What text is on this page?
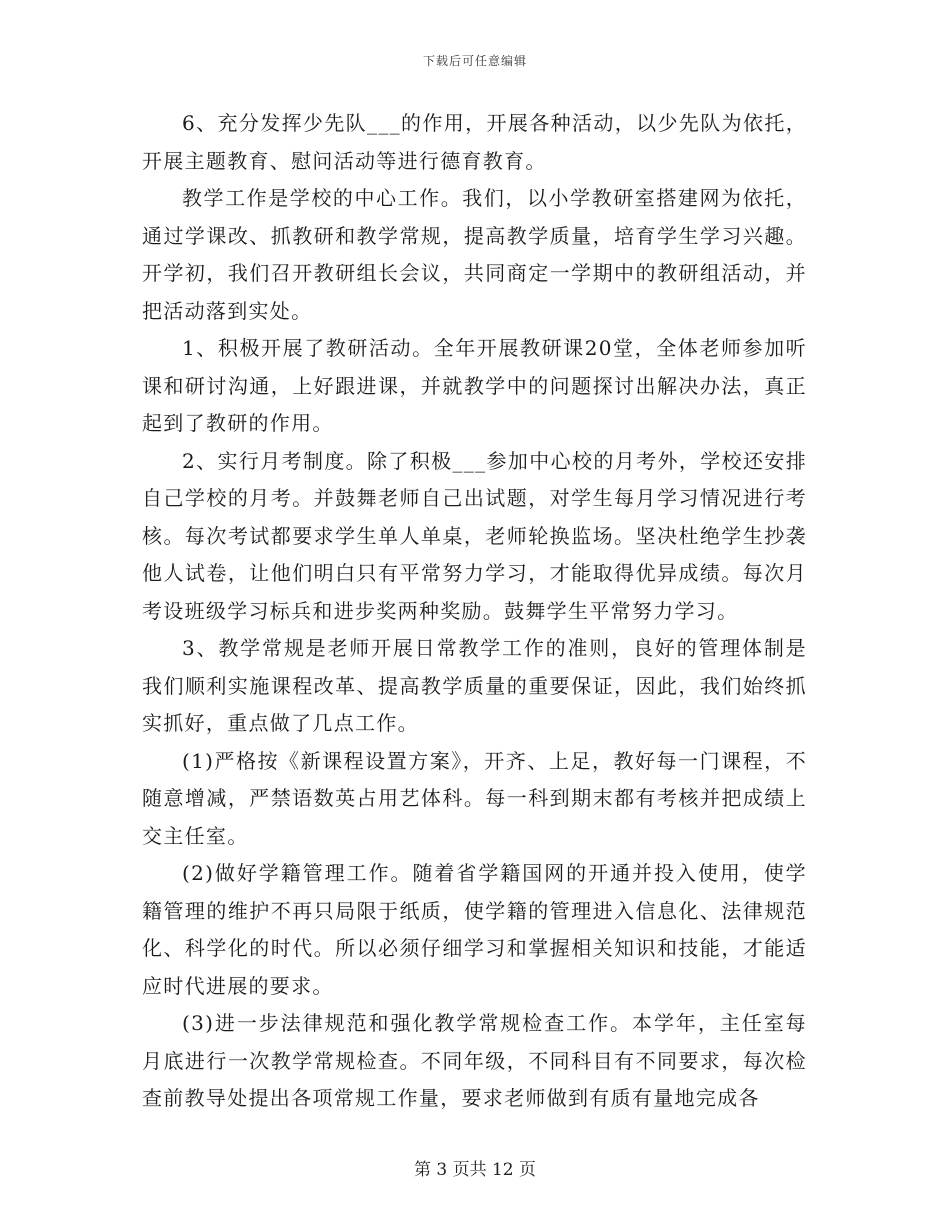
下载后可任意编辑

6、充分发挥少先队___的作用，开展各种活动，以少先队为依托，开展主题教育、慰问活动等进行德育教育。

教学工作是学校的中心工作。我们，以小学教研室搭建网为依托，通过学课改、抓教研和教学常规，提高教学质量，培育学生学习兴趣。开学初，我们召开教研组长会议，共同商定一学期中的教研组活动，并把活动落到实处。

1、积极开展了教研活动。全年开展教研课20堂，全体老师参加听课和研讨沟通，上好跟进课，并就教学中的问题探讨出解决办法，真正起到了教研的作用。

2、实行月考制度。除了积极___参加中心校的月考外，学校还安排自己学校的月考。并鼓舞老师自己出试题，对学生每月学习情况进行考核。每次考试都要求学生单人单桌，老师轮换监场。坚决杜绝学生抄袭他人试卷，让他们明白只有平常努力学习，才能取得优异成绩。每次月考设班级学习标兵和进步奖两种奖励。鼓舞学生平常努力学习。

3、教学常规是老师开展日常教学工作的准则，良好的管理体制是我们顺利实施课程改革、提高教学质量的重要保证，因此，我们始终抓实抓好，重点做了几点工作。

(1)严格按《新课程设置方案》，开齐、上足，教好每一门课程，不随意增减，严禁语数英占用艺体科。每一科到期末都有考核并把成绩上交主任室。

(2)做好学籍管理工作。随着省学籍国网的开通并投入使用，使学籍管理的维护不再只局限于纸质，使学籍的管理进入信息化、法律规范化、科学化的时代。所以必须仔细学习和掌握相关知识和技能，才能适应时代进展的要求。

(3)进一步法律规范和强化教学常规检查工作。本学年，主任室每月底进行一次教学常规检查。不同年级，不同科目有不同要求，每次检查前教导处提出各项常规工作量，要求老师做到有质有量地完成各

第 3 页共 12 页
